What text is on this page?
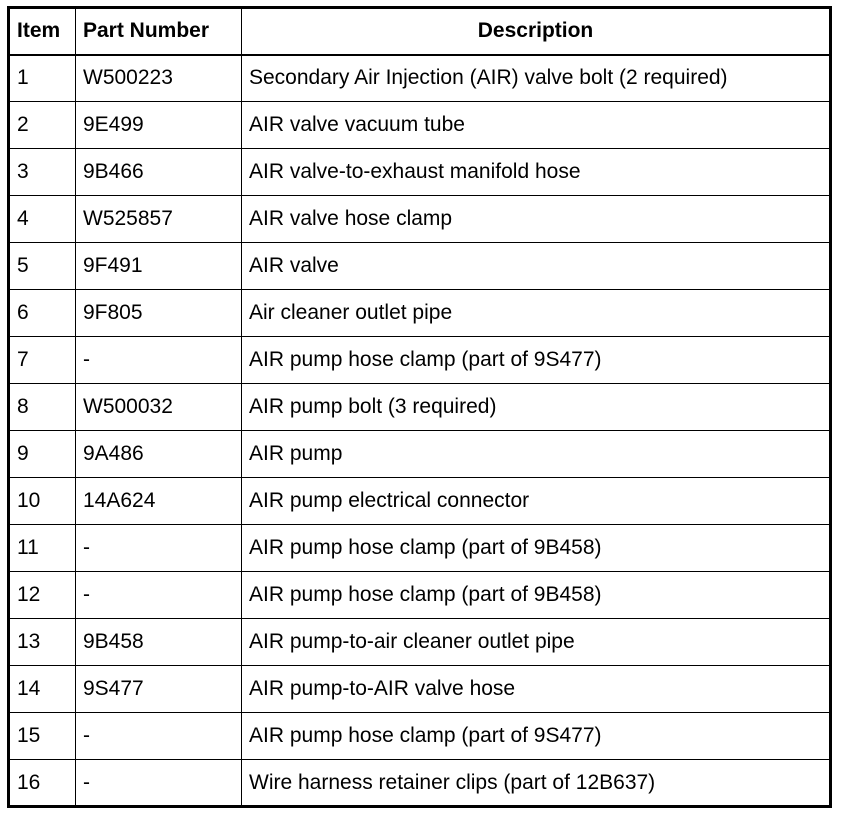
Item	Part Number	Description
1	W500223	Secondary Air Injection (AIR) valve bolt (2 required)
2	9E499	AIR valve vacuum tube
3	9B466	AIR valve-to-exhaust manifold hose
4	W525857	AIR valve hose clamp
5	9F491	AIR valve
6	9F805	Air cleaner outlet pipe
7	-	AIR pump hose clamp (part of 9S477)
8	W500032	AIR pump bolt (3 required)
9	9A486	AIR pump
10	14A624	AIR pump electrical connector
11	-	AIR pump hose clamp (part of 9B458)
12	-	AIR pump hose clamp (part of 9B458)
13	9B458	AIR pump-to-air cleaner outlet pipe
14	9S477	AIR pump-to-AIR valve hose
15	-	AIR pump hose clamp (part of 9S477)
16	-	Wire harness retainer clips (part of 12B637)
